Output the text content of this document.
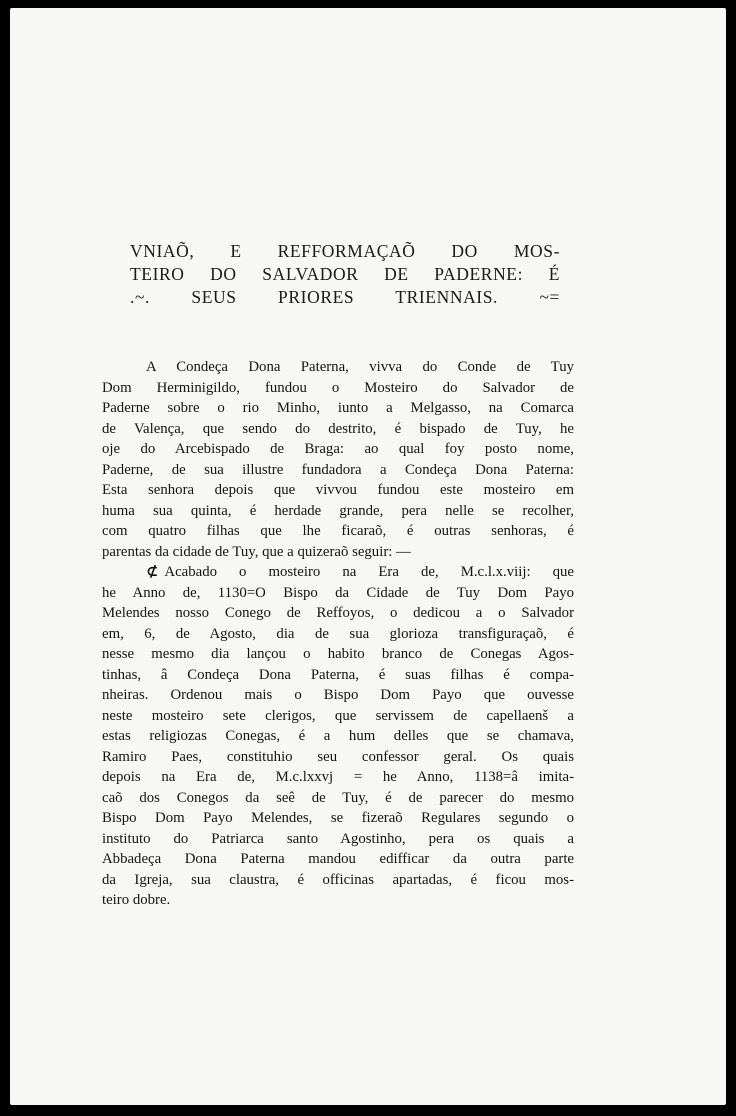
VNIAÕ, E REFFORMAÇAÕ DO MOS-
TEIRO DO SALVADOR DE PADERNE: É
.~. SEUS PRIORES TRIENNAIS. ~=
A Condeça Dona Paterna, vivva do Conde de Tuy
Dom Herminigildo, fundou o Mosteiro do Salvador de
Paderne sobre o rio Minho, iunto a Melgasso, na Comarca
de Valença, que sendo do destrito, é bispado de Tuy, he
oje do Arcebispado de Braga: ao qual foy posto nome,
Paderne, de sua illustre fundadora a Condeça Dona Paterna:
Esta senhora depois que vivvou fundou este mosteiro em
huma sua quinta, é herdade grande, pera nelle se recolher,
com quatro filhas que lhe ficaraõ, é outras senhoras, é
parentas da cidade de Tuy, que a quizeraõ seguir: —
⊄ Acabado o mosteiro na Era de, M.c.l.x.viij: que
he Anno de, 1130=O Bispo da Cidade de Tuy Dom Payo
Melendes nosso Conego de Reffoyos, o dedicou a o Salvador
em, 6, de Agosto, dia de sua glorioza transfiguraçaõ, é
nesse mesmo dia lançou o habito branco de Conegas Agos-
tinhas, â Condeça Dona Paterna, é suas filhas é compa-
nheiras. Ordenou mais o Bispo Dom Payo que ouvesse
neste mosteiro sete clerigos, que servissem de capellaenš a
estas religiozas Conegas, é a hum delles que se chamava,
Ramiro Paes, constituhio seu confessor geral. Os quais
depois na Era de, M.c.lxxvj = he Anno, 1138=â imita-
caõ dos Conegos da seê de Tuy, é de parecer do mesmo
Bispo Dom Payo Melendes, se fizeraõ Regulares segundo o
instituto do Patriarca santo Agostinho, pera os quais a
Abbadeça Dona Paterna mandou edifficar da outra parte
da Igreja, sua claustra, é officinas apartadas, é ficou mos-
teiro dobre.
